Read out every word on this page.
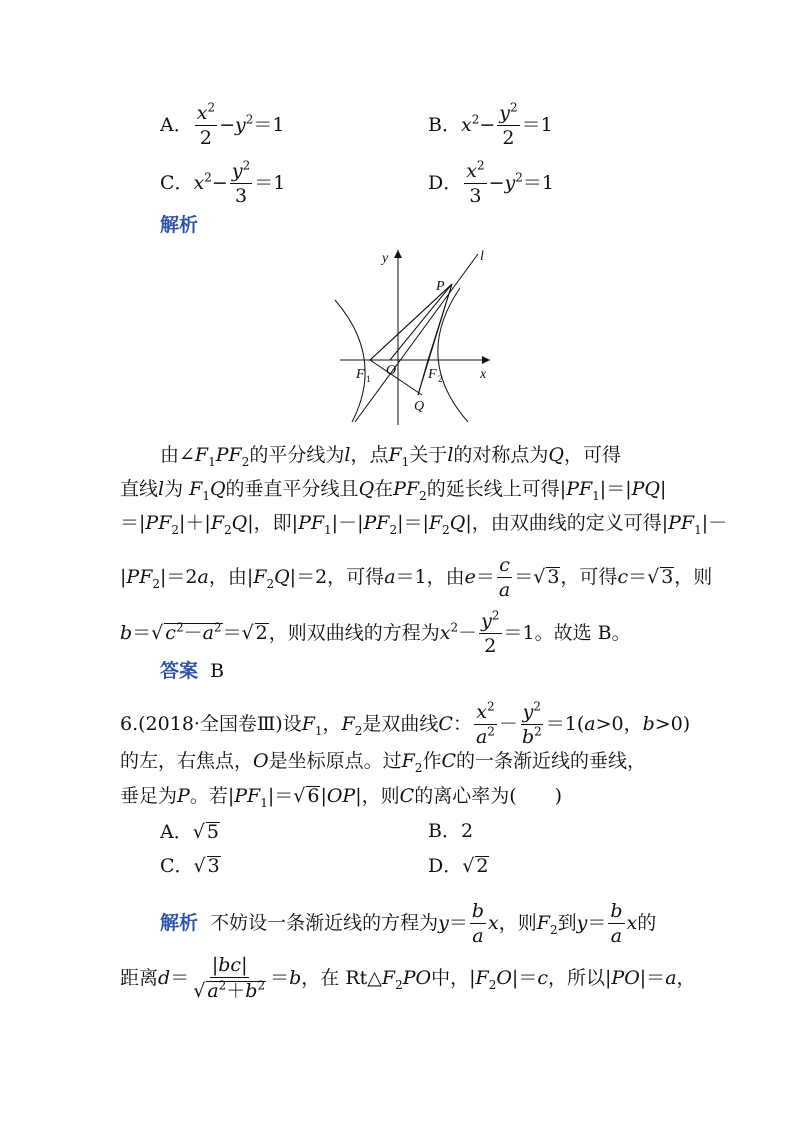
A． $\frac{x^2}{2} -y^2=1$	B．$x^2- \frac{y^2}{2} =1$
C．$x^2- \frac{y^2}{3} =1$	D． $\frac{x^2}{3} -y^2=1$
解析
y	l
P
x
F 1
O F 2
Q
由$\angle F_1PF_2$的平分线为l，点$F_1$关于l的对称点为Q，可得
直线l为 $F_1Q$的垂直平分线且Q在$PF_2$的延长线上可得$|PF_1|=|PQ|$
$=|PF_2|+|F_2Q|$，即$|PF_1|-|PF_2|=|F_2Q|$，由双曲线的定义可得$|PF_1|-$
$|PF_2|=2a$，由$|F_2Q|=2$，可得a＝1，由$e= \frac{c}{a}$ ＝√ 3，可得c＝√ 3，则
b＝√ $c^2-a^2=√$ 2，则双曲线的方程为$x^2- \frac{y^2}{2} =1$。故选 B。
答案 B
6.(2018·全国卷Ⅲ)设$F_1$，$F_2$是双曲线C： $\frac{x^2}{a^2} - \frac{y^2}{b^2} =1(a>0$，b>0)
的左，右焦点，O是坐标原点。过$F_2$作C的一条渐近线的垂线，
垂足为P。若$|PF_1|=√$ 6|OP|，则C的离心率为(　　)
A．√ 5	B．2
C．√ 3	D．√ 2
解析 不妨设一条渐近线的方程为$y= \frac{b}{a}$ x，则$F_2$到$y= \frac{b}{a}$ x的
距离$d= \frac{|bc|}{√ a^2+b^2} =b$，在 $Rt\triangle F_2PO$中，$|F_2O|=c$，所以|PO|＝a，
